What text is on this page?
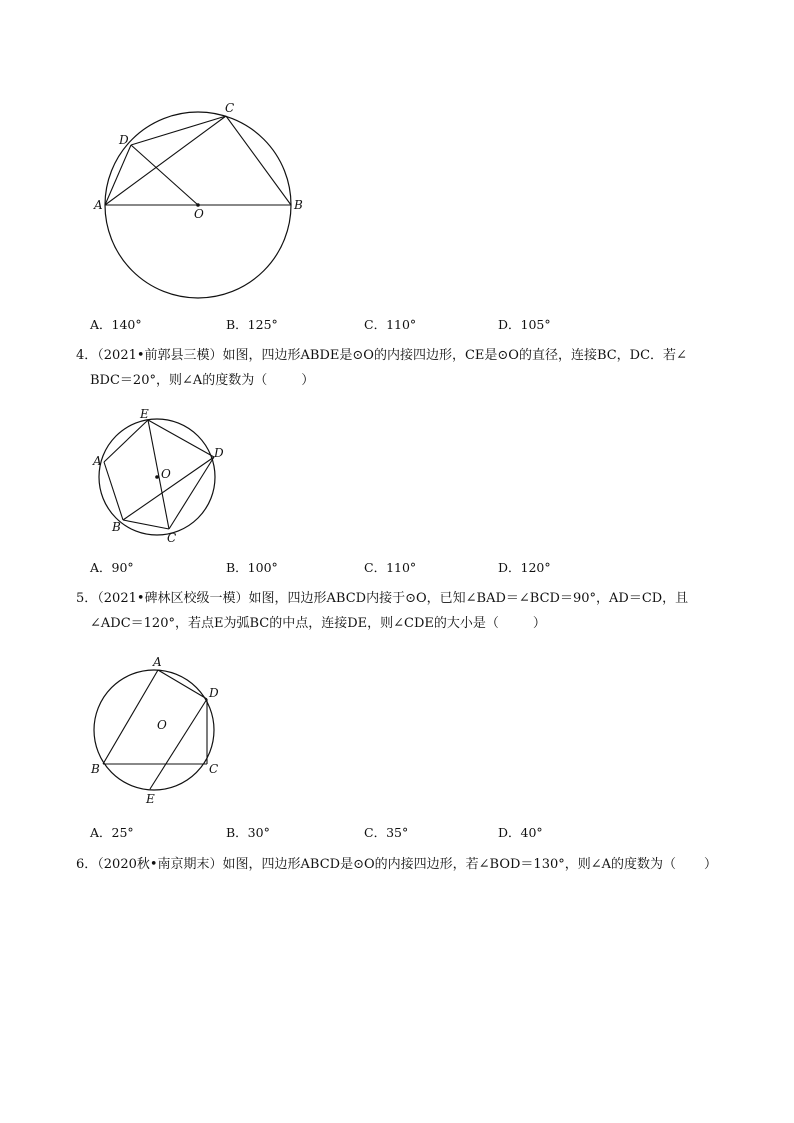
A	B
C
D
O
A．140°	B．125°	C．110°	D．105°
4．（2021•前郭县三模）如图，四边形ABDE是⊙O的内接四边形，CE是⊙O的直径，连接BC，DC．若∠
BDC＝20°，则∠A的度数为（	）
A
B
C
D
E
O
A．90°	B．100°	C．110°	D．120°
5．（2021•碑林区校级一模）如图，四边形ABCD内接于⊙O，已知∠BAD＝∠BCD＝90°，AD＝CD，且
∠ADC＝120°，若点E为弧BC的中点，连接DE，则∠CDE的大小是（	）
A
B	C
D
E
O
A．25°	B．30°	C．35°	D．40°
6．（2020秋•南京期末）如图，四边形ABCD是⊙O的内接四边形，若∠BOD＝130°，则∠A的度数为（ ）
